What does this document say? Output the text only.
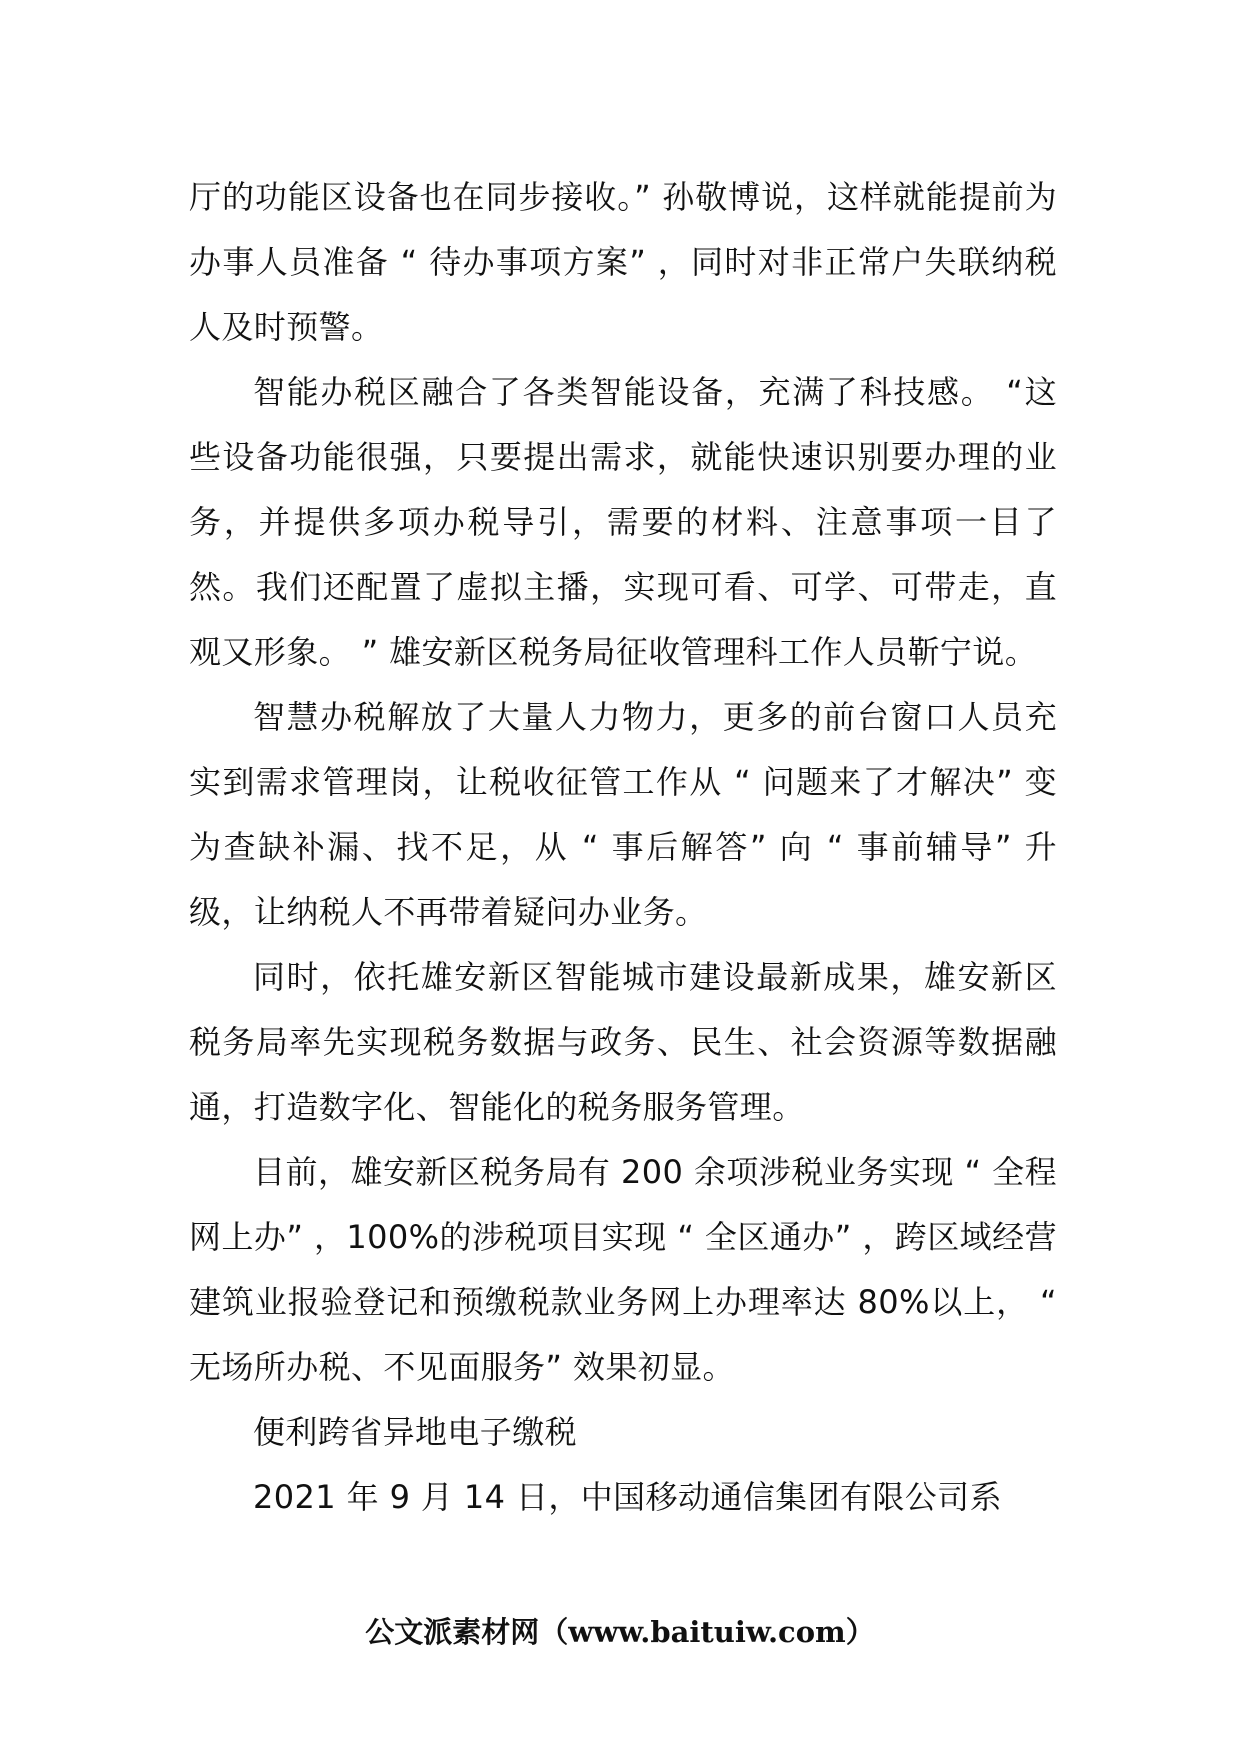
厅的功能区设备也在同步接收。” 孙敬博说，这样就能提前为办事人员准备 “ 待办事项方案” ，同时对非正常户失联纳税人及时预警。

智能办税区融合了各类智能设备，充满了科技感。 “这些设备功能很强，只要提出需求，就能快速识别要办理的业务，并提供多项办税导引，需要的材料、注意事项一目了然。我们还配置了虚拟主播，实现可看、可学、可带走，直观又形象。 ” 雄安新区税务局征收管理科工作人员靳宁说。

智慧办税解放了大量人力物力，更多的前台窗口人员充实到需求管理岗，让税收征管工作从 “ 问题来了才解决” 变为查缺补漏、找不足，从 “ 事后解答” 向 “ 事前辅导” 升级，让纳税人不再带着疑问办业务。

同时，依托雄安新区智能城市建设最新成果，雄安新区税务局率先实现税务数据与政务、民生、社会资源等数据融通，打造数字化、智能化的税务服务管理。

目前，雄安新区税务局有 200 余项涉税业务实现 “ 全程网上办” ，100%的涉税项目实现 “ 全区通办” ，跨区域经营建筑业报验登记和预缴税款业务网上办理率达 80%以上， “ 无场所办税、不见面服务” 效果初显。

便利跨省异地电子缴税

2021 年 9 月 14 日，中国移动通信集团有限公司系

公文派素材网（www.baituiw.com）
